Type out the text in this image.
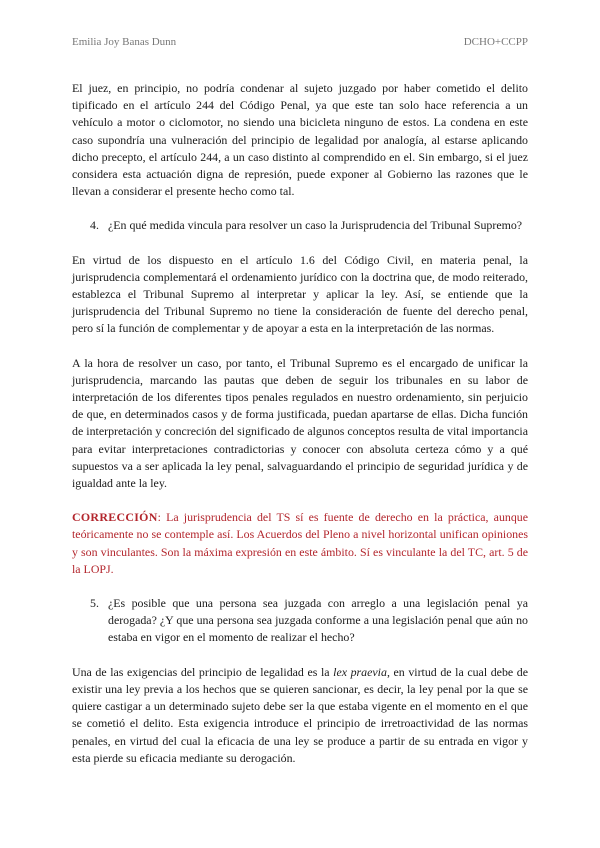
Emilia Joy Banas Dunn	DCHO+CCPP

El juez, en principio, no podría condenar al sujeto juzgado por haber cometido el delito tipificado en el artículo 244 del Código Penal, ya que este tan solo hace referencia a un vehículo a motor o ciclomotor, no siendo una bicicleta ninguno de estos. La condena en este caso supondría una vulneración del principio de legalidad por analogía, al estarse aplicando dicho precepto, el artículo 244, a un caso distinto al comprendido en el. Sin embargo, si el juez considera esta actuación digna de represión, puede exponer al Gobierno las razones que le llevan a considerar el presente hecho como tal.

4. ¿En qué medida vincula para resolver un caso la Jurisprudencia del Tribunal Supremo?

En virtud de los dispuesto en el artículo 1.6 del Código Civil, en materia penal, la jurisprudencia complementará el ordenamiento jurídico con la doctrina que, de modo reiterado, establezca el Tribunal Supremo al interpretar y aplicar la ley. Así, se entiende que la jurisprudencia del Tribunal Supremo no tiene la consideración de fuente del derecho penal, pero sí la función de complementar y de apoyar a esta en la interpretación de las normas.

A la hora de resolver un caso, por tanto, el Tribunal Supremo es el encargado de unificar la jurisprudencia, marcando las pautas que deben de seguir los tribunales en su labor de interpretación de los diferentes tipos penales regulados en nuestro ordenamiento, sin perjuicio de que, en determinados casos y de forma justificada, puedan apartarse de ellas. Dicha función de interpretación y concreción del significado de algunos conceptos resulta de vital importancia para evitar interpretaciones contradictorias y conocer con absoluta certeza cómo y a qué supuestos va a ser aplicada la ley penal, salvaguardando el principio de seguridad jurídica y de igualdad ante la ley.

CORRECCIÓN: La jurisprudencia del TS sí es fuente de derecho en la práctica, aunque teóricamente no se contemple así. Los Acuerdos del Pleno a nivel horizontal unifican opiniones y son vinculantes. Son la máxima expresión en este ámbito. Sí es vinculante la del TC, art. 5 de la LOPJ.

5. ¿Es posible que una persona sea juzgada con arreglo a una legislación penal ya derogada? ¿Y que una persona sea juzgada conforme a una legislación penal que aún no estaba en vigor en el momento de realizar el hecho?

Una de las exigencias del principio de legalidad es la lex praevia, en virtud de la cual debe de existir una ley previa a los hechos que se quieren sancionar, es decir, la ley penal por la que se quiere castigar a un determinado sujeto debe ser la que estaba vigente en el momento en el que se cometió el delito. Esta exigencia introduce el principio de irretroactividad de las normas penales, en virtud del cual la eficacia de una ley se produce a partir de su entrada en vigor y esta pierde su eficacia mediante su derogación.
